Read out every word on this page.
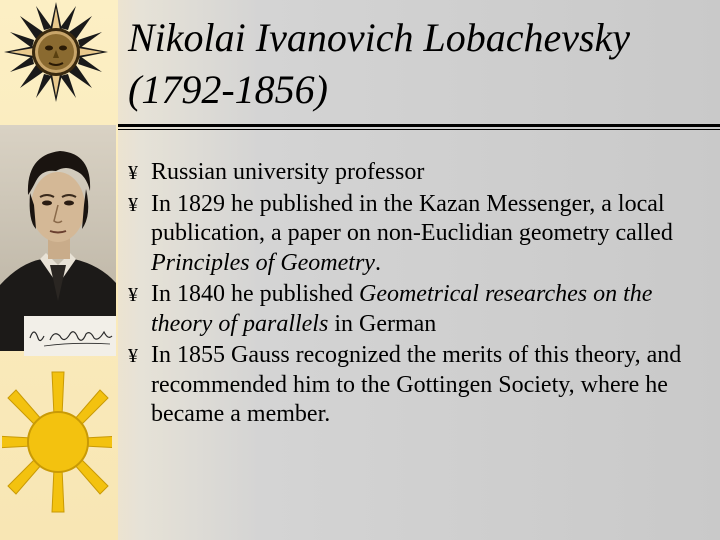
Nikolai Ivanovich Lobachevsky
(1792-1856)
¥ Russian university professor
¥ In 1829 he published in the Kazan Messenger, a local publication, a paper on non-Euclidian geometry called Principles of Geometry.
¥ In 1840 he published Geometrical researches on the theory of parallels in German
¥ In 1855 Gauss recognized the merits of this theory, and recommended him to the Gottingen Society, where he became a member.
